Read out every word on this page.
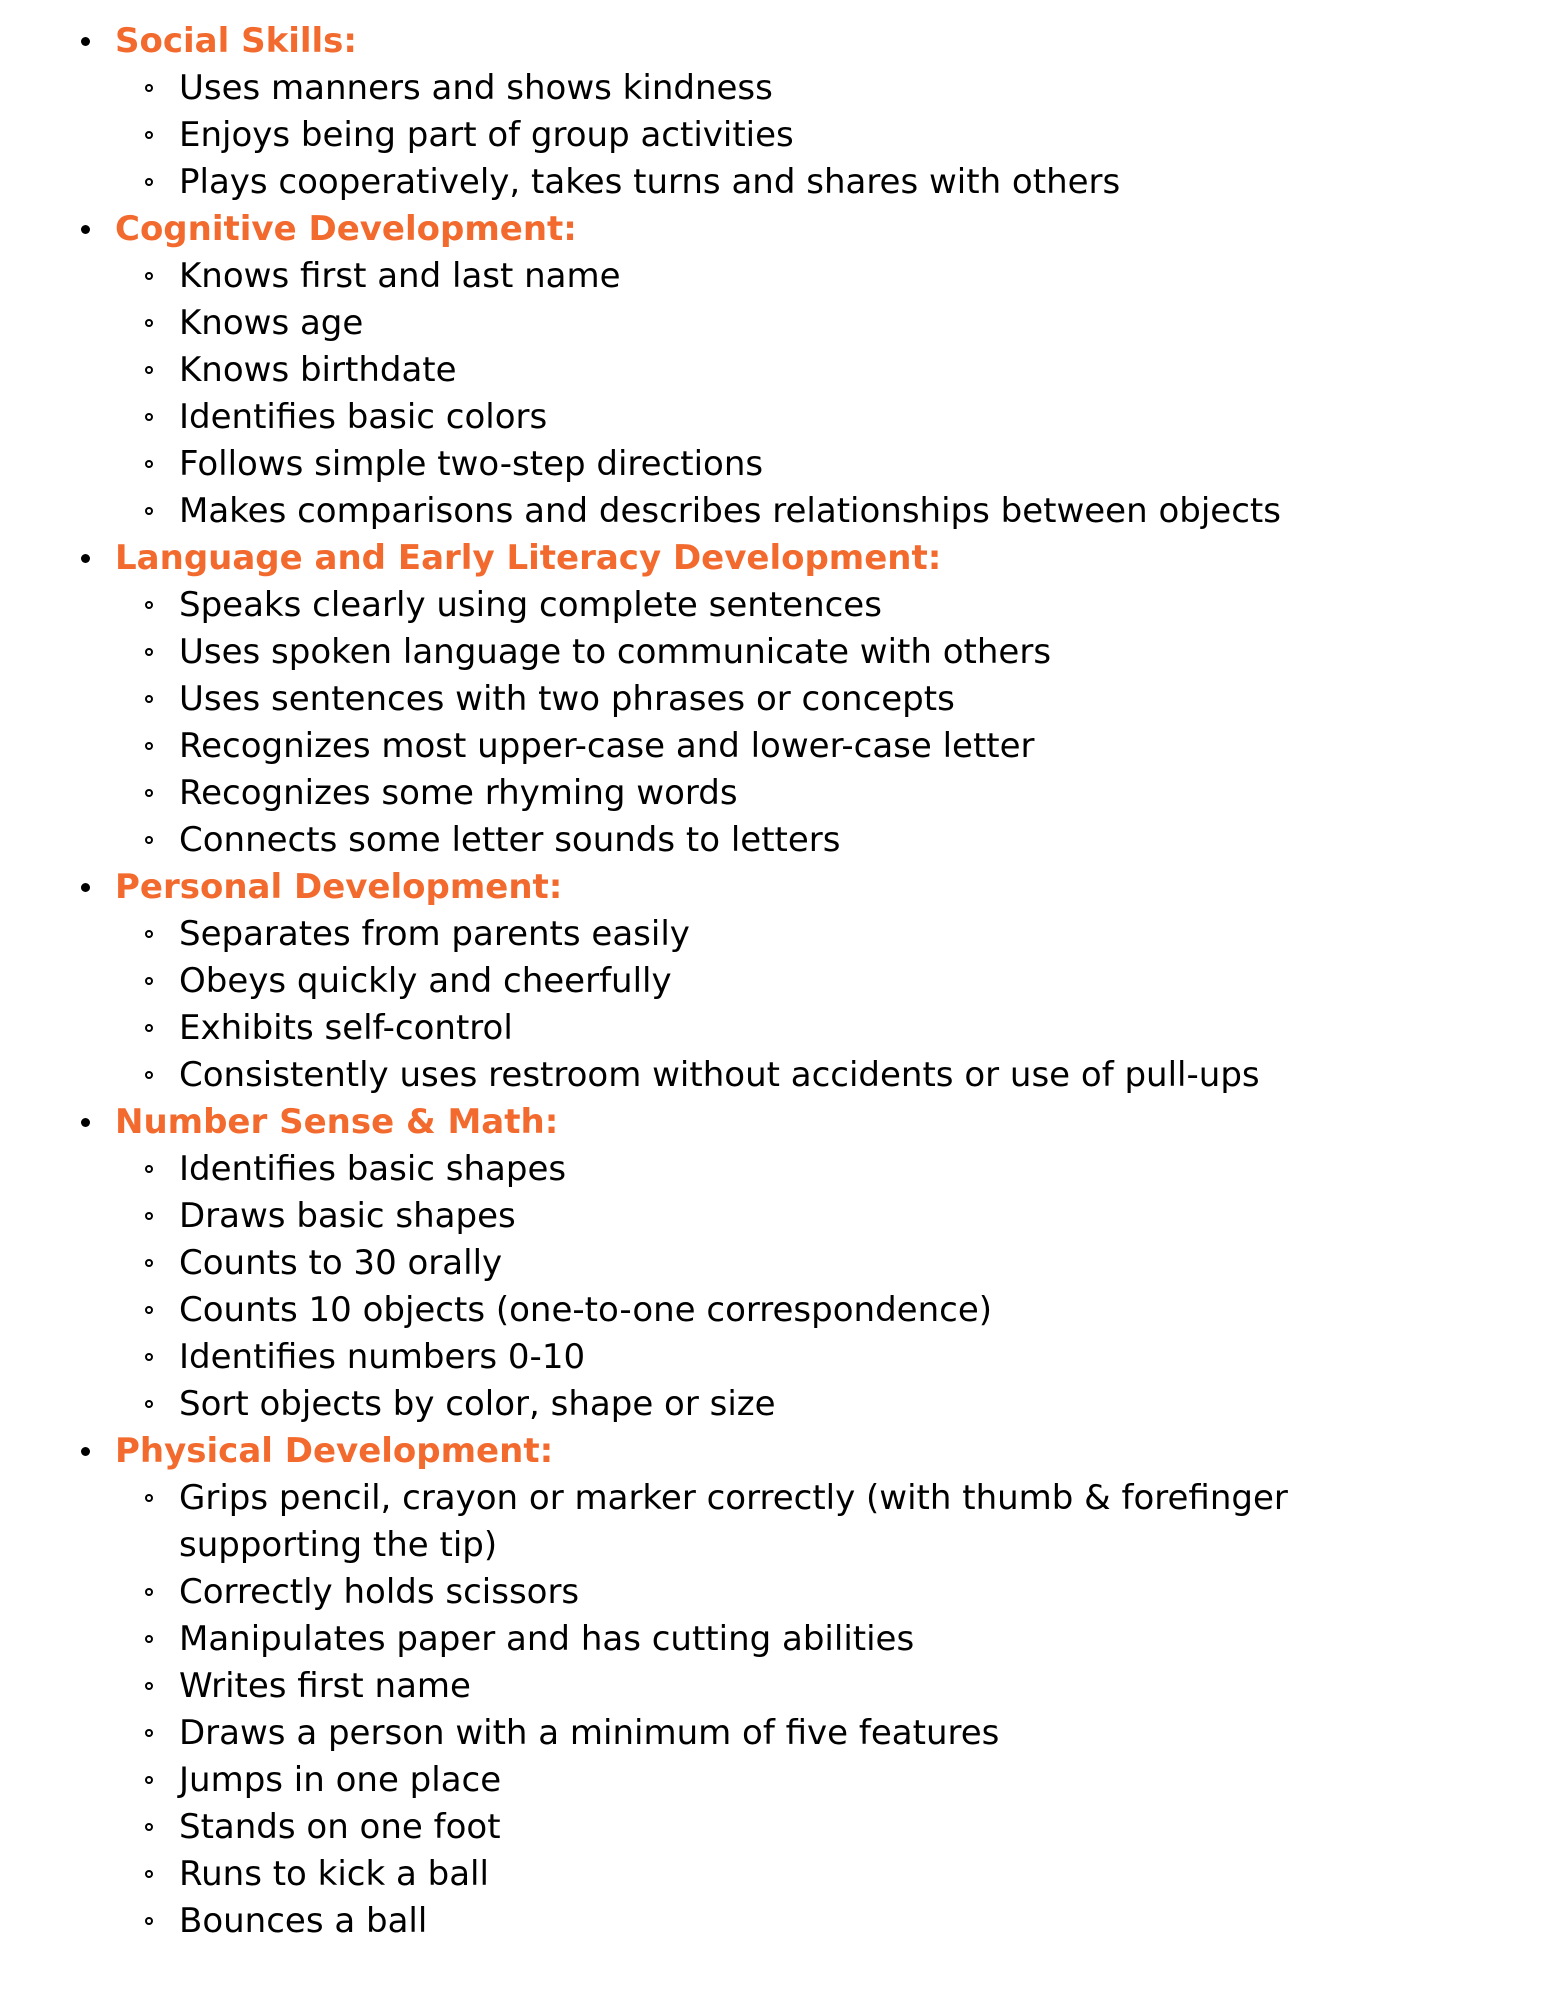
Social Skills:
Uses manners and shows kindness
Enjoys being part of group activities
Plays cooperatively, takes turns and shares with others
Cognitive Development:
Knows first and last name
Knows age
Knows birthdate
Identifies basic colors
Follows simple two-step directions
Makes comparisons and describes relationships between objects
Language and Early Literacy Development:
Speaks clearly using complete sentences
Uses spoken language to communicate with others
Uses sentences with two phrases or concepts
Recognizes most upper-case and lower-case letter
Recognizes some rhyming words
Connects some letter sounds to letters
Personal Development:
Separates from parents easily
Obeys quickly and cheerfully
Exhibits self-control
Consistently uses restroom without accidents or use of pull-ups
Number Sense & Math:
Identifies basic shapes
Draws basic shapes
Counts to 30 orally
Counts 10 objects (one-to-one correspondence)
Identifies numbers 0-10
Sort objects by color, shape or size
Physical Development:
Grips pencil, crayon or marker correctly (with thumb & forefinger supporting the tip)
Correctly holds scissors
Manipulates paper and has cutting abilities
Writes first name
Draws a person with a minimum of five features
Jumps in one place
Stands on one foot
Runs to kick a ball
Bounces a ball
